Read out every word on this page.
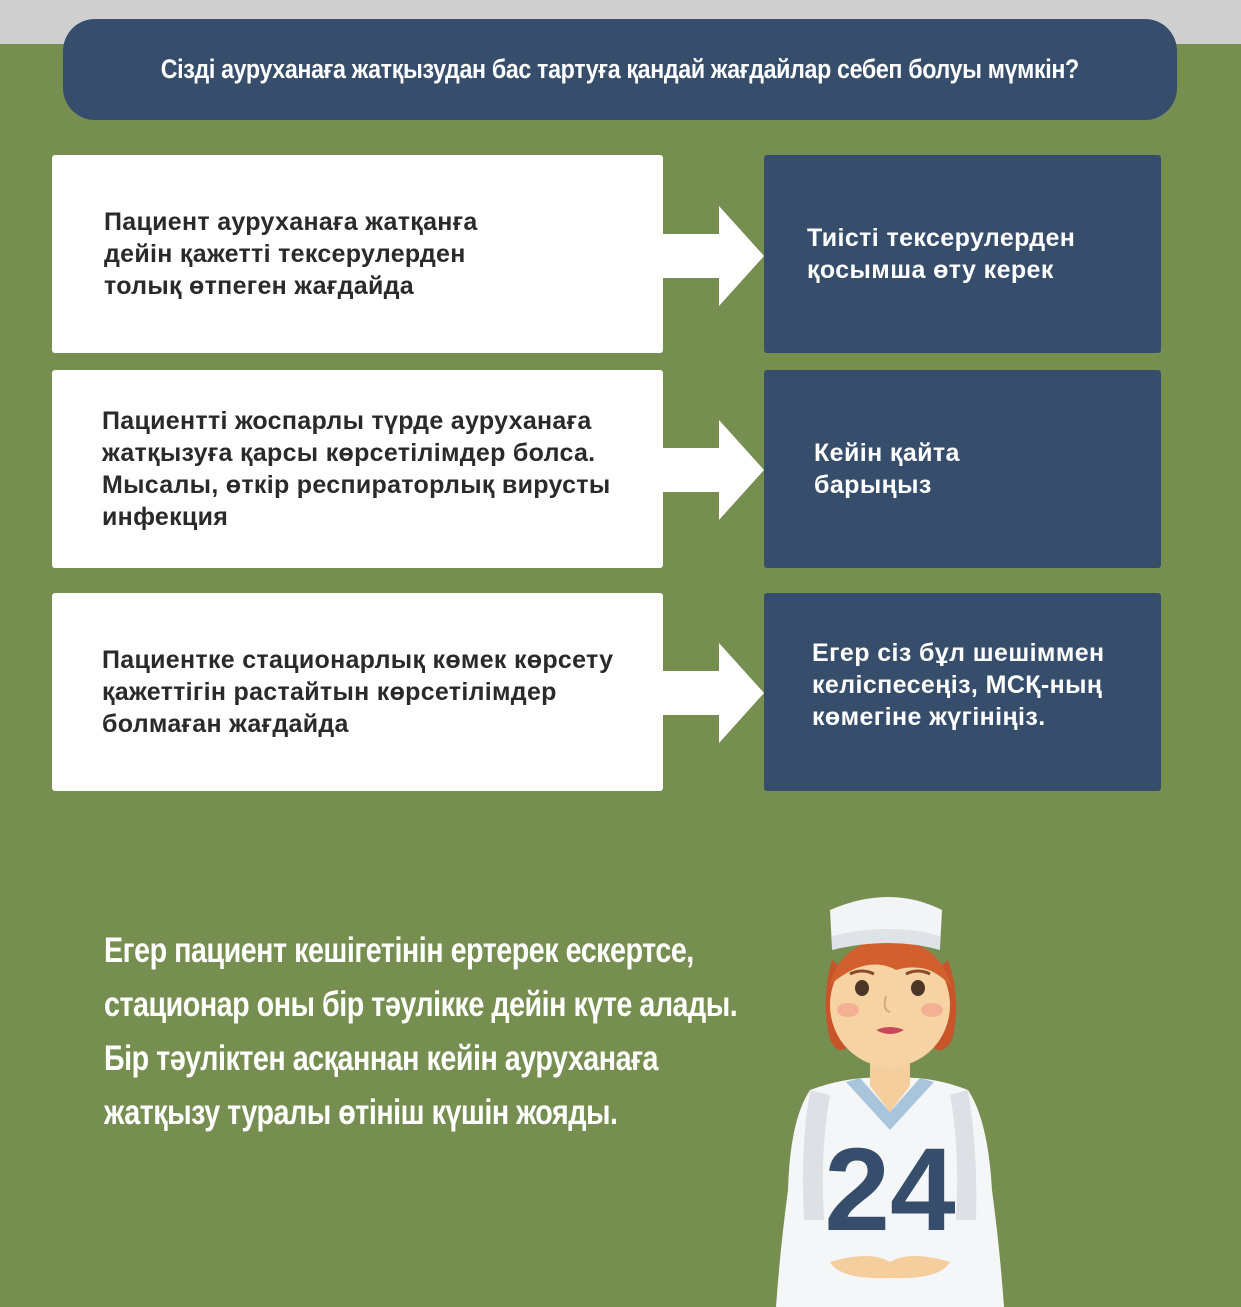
Сізді ауруханаға жатқызудан бас тартуға қандай жағдайлар себеп болуы мүмкін?

Пациент ауруханаға жатқанға дейін қажетті тексерулерден толық өтпеген жағдайда

Тиісті тексерулерден қосымша өту керек

Пациентті жоспарлы түрде ауруханаға жатқызуға қарсы көрсетілімдер болса. Мысалы, өткір респираторлық вирусты инфекция

Кейін қайта барыңыз

Пациентке стационарлық көмек көрсету қажеттігін растайтын көрсетілімдер болмаған жағдайда

Егер сіз бұл шешіммен келіспесеңіз, МСҚ-ның көмегіне жүгініңіз.

Егер пациент кешігетінін ертерек ескертсе, стационар оны бір тәулікке дейін күте алады. Бір тәуліктен асқаннан кейін ауруханаға жатқызу туралы өтініш күшін жояды.
24
